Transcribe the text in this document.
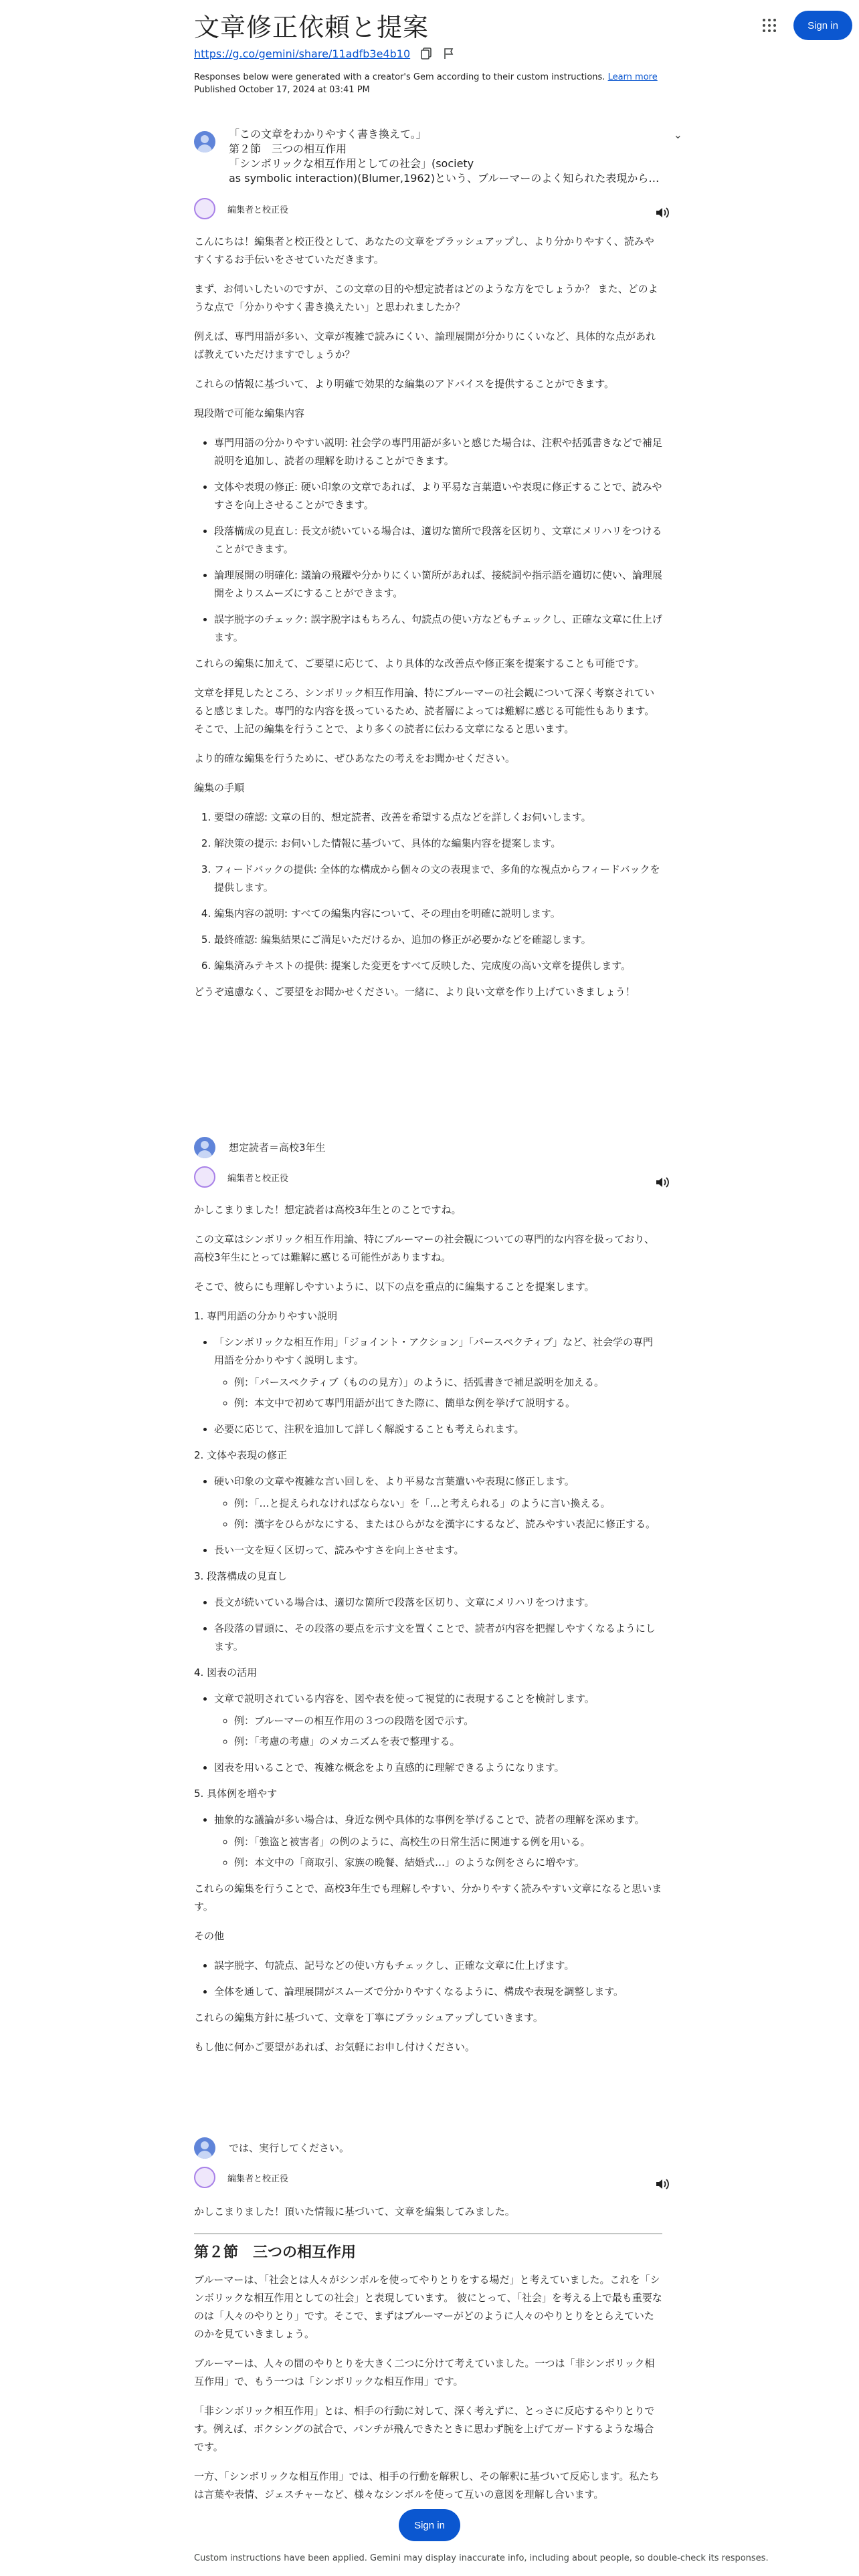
文章修正依頼と提案	Sign in
https://g.co/gemini/share/11adfb3e4b10
Responses below were generated with a creator's Gem according to their custom instructions. Learn more
Published October 17, 2024 at 03:41 PM
「この文章をわかりやすく書き換えて。」
第２節　三つの相互作用
「シンボリックな相互作用としての社会」(society
as symbolic interaction)(Blumer,1962)という、ブルーマーのよく知られた表現から…
⌄
編集者と校正役

こんにちは！編集者と校正役として、あなたの文章をブラッシュアップし、より分かりやすく、読みやすくするお手伝いをさせていただきます。

まず、お伺いしたいのですが、この文章の目的や想定読者はどのような方をでしょうか？ また、どのような点で「分かりやすく書き換えたい」と思われましたか？

例えば、専門用語が多い、文章が複雑で読みにくい、論理展開が分かりにくいなど、具体的な点があれば教えていただけますでしょうか？

これらの情報に基づいて、より明確で効果的な編集のアドバイスを提供することができます。

現段階で可能な編集内容

• 専門用語の分かりやすい説明: 社会学の専門用語が多いと感じた場合は、注釈や括弧書きなどで補足説明を追加し、読者の理解を助けることができます。
• 文体や表現の修正: 硬い印象の文章であれば、より平易な言葉遣いや表現に修正することで、読みやすさを向上させることができます。
• 段落構成の見直し: 長文が続いている場合は、適切な箇所で段落を区切り、文章にメリハリをつけることができます。
• 論理展開の明確化: 議論の飛躍や分かりにくい箇所があれば、接続詞や指示語を適切に使い、論理展開をよりスムーズにすることができます。
• 誤字脱字のチェック: 誤字脱字はもちろん、句読点の使い方などもチェックし、正確な文章に仕上げます。

これらの編集に加えて、ご要望に応じて、より具体的な改善点や修正案を提案することも可能です。

文章を拝見したところ、シンボリック相互作用論、特にブルーマーの社会観について深く考察されていると感じました。専門的な内容を扱っているため、読者層によっては難解に感じる可能性もあります。そこで、上記の編集を行うことで、より多くの読者に伝わる文章になると思います。

より的確な編集を行うために、ぜひあなたの考えをお聞かせください。

編集の手順

1. 要望の確認: 文章の目的、想定読者、改善を希望する点などを詳しくお伺いします。
2. 解決策の提示: お伺いした情報に基づいて、具体的な編集内容を提案します。
3. フィードバックの提供: 全体的な構成から個々の文の表現まで、多角的な視点からフィードバックを提供します。
4. 編集内容の説明: すべての編集内容について、その理由を明確に説明します。
5. 最終確認: 編集結果にご満足いただけるか、追加の修正が必要かなどを確認します。
6. 編集済みテキストの提供: 提案した変更をすべて反映した、完成度の高い文章を提供します。

どうぞ遠慮なく、ご要望をお聞かせください。一緒に、より良い文章を作り上げていきましょう！

想定読者＝高校3年生
編集者と校正役

かしこまりました！想定読者は高校3年生とのことですね。

この文章はシンボリック相互作用論、特にブルーマーの社会観についての専門的な内容を扱っており、高校3年生にとっては難解に感じる可能性がありますね。

そこで、彼らにも理解しやすいように、以下の点を重点的に編集することを提案します。

1. 専門用語の分かりやすい説明
• 「シンボリックな相互作用」「ジョイント・アクション」「パースペクティブ」など、社会学の専門用語を分かりやすく説明します。
◦ 例：「パースペクティブ（ものの見方）」のように、括弧書きで補足説明を加える。
◦ 例：本文中で初めて専門用語が出てきた際に、簡単な例を挙げて説明する。
• 必要に応じて、注釈を追加して詳しく解説することも考えられます。
2. 文体や表現の修正
• 硬い印象の文章や複雑な言い回しを、より平易な言葉遣いや表現に修正します。
◦ 例：「…と捉えられなければならない」を「…と考えられる」のように言い換える。
◦ 例：漢字をひらがなにする、またはひらがなを漢字にするなど、読みやすい表記に修正する。
• 長い一文を短く区切って、読みやすさを向上させます。
3. 段落構成の見直し
• 長文が続いている場合は、適切な箇所で段落を区切り、文章にメリハリをつけます。
• 各段落の冒頭に、その段落の要点を示す文を置くことで、読者が内容を把握しやすくなるようにします。
4. 図表の活用
• 文章で説明されている内容を、図や表を使って視覚的に表現することを検討します。
◦ 例：ブルーマーの相互作用の３つの段階を図で示す。
◦ 例：「考慮の考慮」のメカニズムを表で整理する。
• 図表を用いることで、複雑な概念をより直感的に理解できるようになります。
5. 具体例を増やす
• 抽象的な議論が多い場合は、身近な例や具体的な事例を挙げることで、読者の理解を深めます。
◦ 例：「強盗と被害者」の例のように、高校生の日常生活に関連する例を用いる。
◦ 例：本文中の「商取引、家族の晩餐、結婚式…」のような例をさらに増やす。

これらの編集を行うことで、高校3年生でも理解しやすい、分かりやすく読みやすい文章になると思います。

その他

• 誤字脱字、句読点、記号などの使い方もチェックし、正確な文章に仕上げます。
• 全体を通して、論理展開がスムーズで分かりやすくなるように、構成や表現を調整します。

これらの編集方針に基づいて、文章を丁寧にブラッシュアップしていきます。

もし他に何かご要望があれば、お気軽にお申し付けください。

では、実行してください。
編集者と校正役

かしこまりました！頂いた情報に基づいて、文章を編集してみました。

第２節　三つの相互作用

ブルーマーは、「社会とは人々がシンボルを使ってやりとりをする場だ」と考えていました。これを「シンボリックな相互作用としての社会」と表現しています。 彼にとって、「社会」を考える上で最も重要なのは「人々のやりとり」です。そこで、まずはブルーマーがどのように人々のやりとりをとらえていたのかを見ていきましょう。

ブルーマーは、人々の間のやりとりを大きく二つに分けて考えていました。一つは「非シンボリック相互作用」で、もう一つは「シンボリックな相互作用」です。

「非シンボリック相互作用」とは、相手の行動に対して、深く考えずに、とっさに反応するやりとりです。例えば、ボクシングの試合で、パンチが飛んできたときに思わず腕を上げてガードするような場合です。

一方、「シンボリックな相互作用」では、相手の行動を解釈し、その解釈に基づいて反応します。私たちは言葉や表情、ジェスチャーなど、様々なシンボルを使って互いの意図を理解し合います。

Sign in
Custom instructions have been applied. Gemini may display inaccurate info, including about people, so double-check its responses.
